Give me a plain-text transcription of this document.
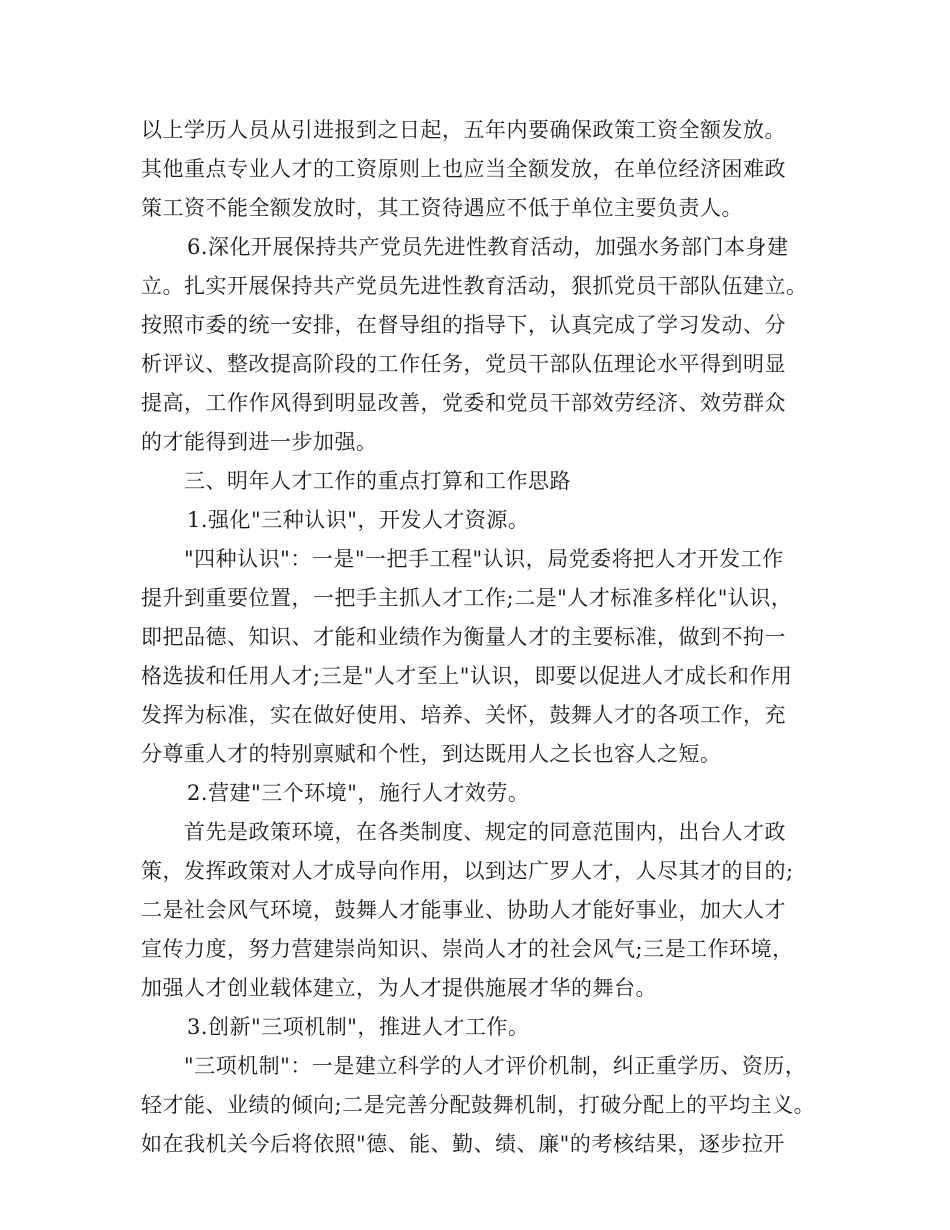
以上学历人员从引进报到之日起，五年内要确保政策工资全额发放。
其他重点专业人才的工资原则上也应当全额发放，在单位经济困难政
策工资不能全额发放时，其工资待遇应不低于单位主要负责人。
6.深化开展保持共产党员先进性教育活动，加强水务部门本身建
立。扎实开展保持共产党员先进性教育活动，狠抓党员干部队伍建立。
按照市委的统一安排，在督导组的指导下，认真完成了学习发动、分
析评议、整改提高阶段的工作任务，党员干部队伍理论水平得到明显
提高，工作作风得到明显改善，党委和党员干部效劳经济、效劳群众
的才能得到进一步加强。
三、明年人才工作的重点打算和工作思路
1.强化"三种认识"，开发人才资源。
"四种认识"：一是"一把手工程"认识，局党委将把人才开发工作
提升到重要位置，一把手主抓人才工作;二是"人才标准多样化"认识，
即把品德、知识、才能和业绩作为衡量人才的主要标准，做到不拘一
格选拔和任用人才;三是"人才至上"认识，即要以促进人才成长和作用
发挥为标准，实在做好使用、培养、关怀，鼓舞人才的各项工作，充
分尊重人才的特别禀赋和个性，到达既用人之长也容人之短。
2.营建"三个环境"，施行人才效劳。
首先是政策环境，在各类制度、规定的同意范围内，出台人才政
策，发挥政策对人才成导向作用，以到达广罗人才，人尽其才的目的;
二是社会风气环境，鼓舞人才能事业、协助人才能好事业，加大人才
宣传力度，努力营建崇尚知识、崇尚人才的社会风气;三是工作环境，
加强人才创业载体建立，为人才提供施展才华的舞台。
3.创新"三项机制"，推进人才工作。
"三项机制"：一是建立科学的人才评价机制，纠正重学历、资历，
轻才能、业绩的倾向;二是完善分配鼓舞机制，打破分配上的平均主义。
如在我机关今后将依照"德、能、勤、绩、廉"的考核结果，逐步拉开
